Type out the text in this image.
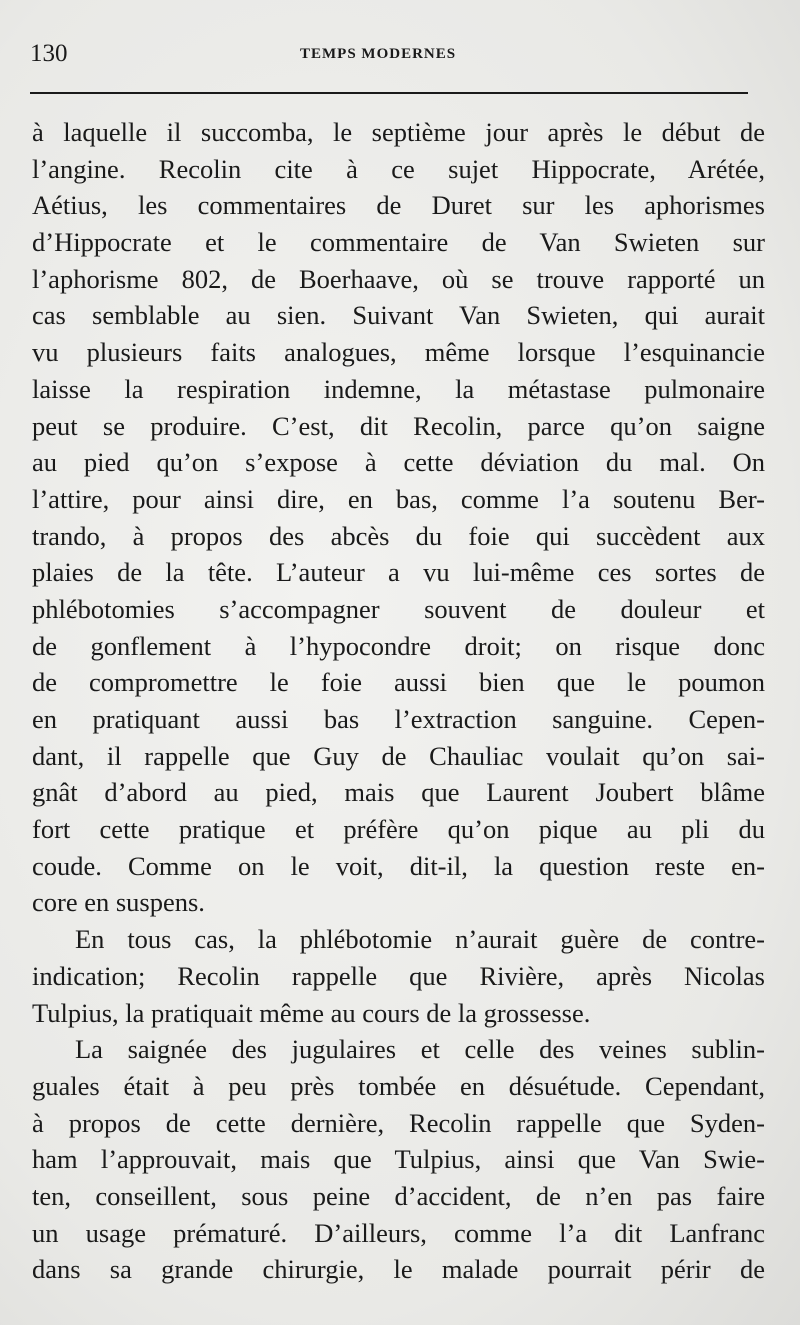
130	TEMPS MODERNES
à laquelle il succomba, le septième jour après le début de
l’angine. Recolin cite à ce sujet Hippocrate, Arétée,
Aétius, les commentaires de Duret sur les aphorismes
d’Hippocrate et le commentaire de Van Swieten sur
l’aphorisme 802, de Boerhaave, où se trouve rapporté un
cas semblable au sien. Suivant Van Swieten, qui aurait
vu plusieurs faits analogues, même lorsque l’esquinancie
laisse la respiration indemne, la métastase pulmonaire
peut se produire. C’est, dit Recolin, parce qu’on saigne
au pied qu’on s’expose à cette déviation du mal. On
l’attire, pour ainsi dire, en bas, comme l’a soutenu Ber-
trando, à propos des abcès du foie qui succèdent aux
plaies de la tête. L’auteur a vu lui-même ces sortes de
phlébotomies s’accompagner souvent de douleur et
de gonflement à l’hypocondre droit; on risque donc
de compromettre le foie aussi bien que le poumon
en pratiquant aussi bas l’extraction sanguine. Cepen-
dant, il rappelle que Guy de Chauliac voulait qu’on sai-
gnât d’abord au pied, mais que Laurent Joubert blâme
fort cette pratique et préfère qu’on pique au pli du
coude. Comme on le voit, dit-il, la question reste en-
core en suspens.
En tous cas, la phlébotomie n’aurait guère de contre-
indication; Recolin rappelle que Rivière, après Nicolas
Tulpius, la pratiquait même au cours de la grossesse.
La saignée des jugulaires et celle des veines sublin-
guales était à peu près tombée en désuétude. Cependant,
à propos de cette dernière, Recolin rappelle que Syden-
ham l’approuvait, mais que Tulpius, ainsi que Van Swie-
ten, conseillent, sous peine d’accident, de n’en pas faire
un usage prématuré. D’ailleurs, comme l’a dit Lanfranc
dans sa grande chirurgie, le malade pourrait périr de
